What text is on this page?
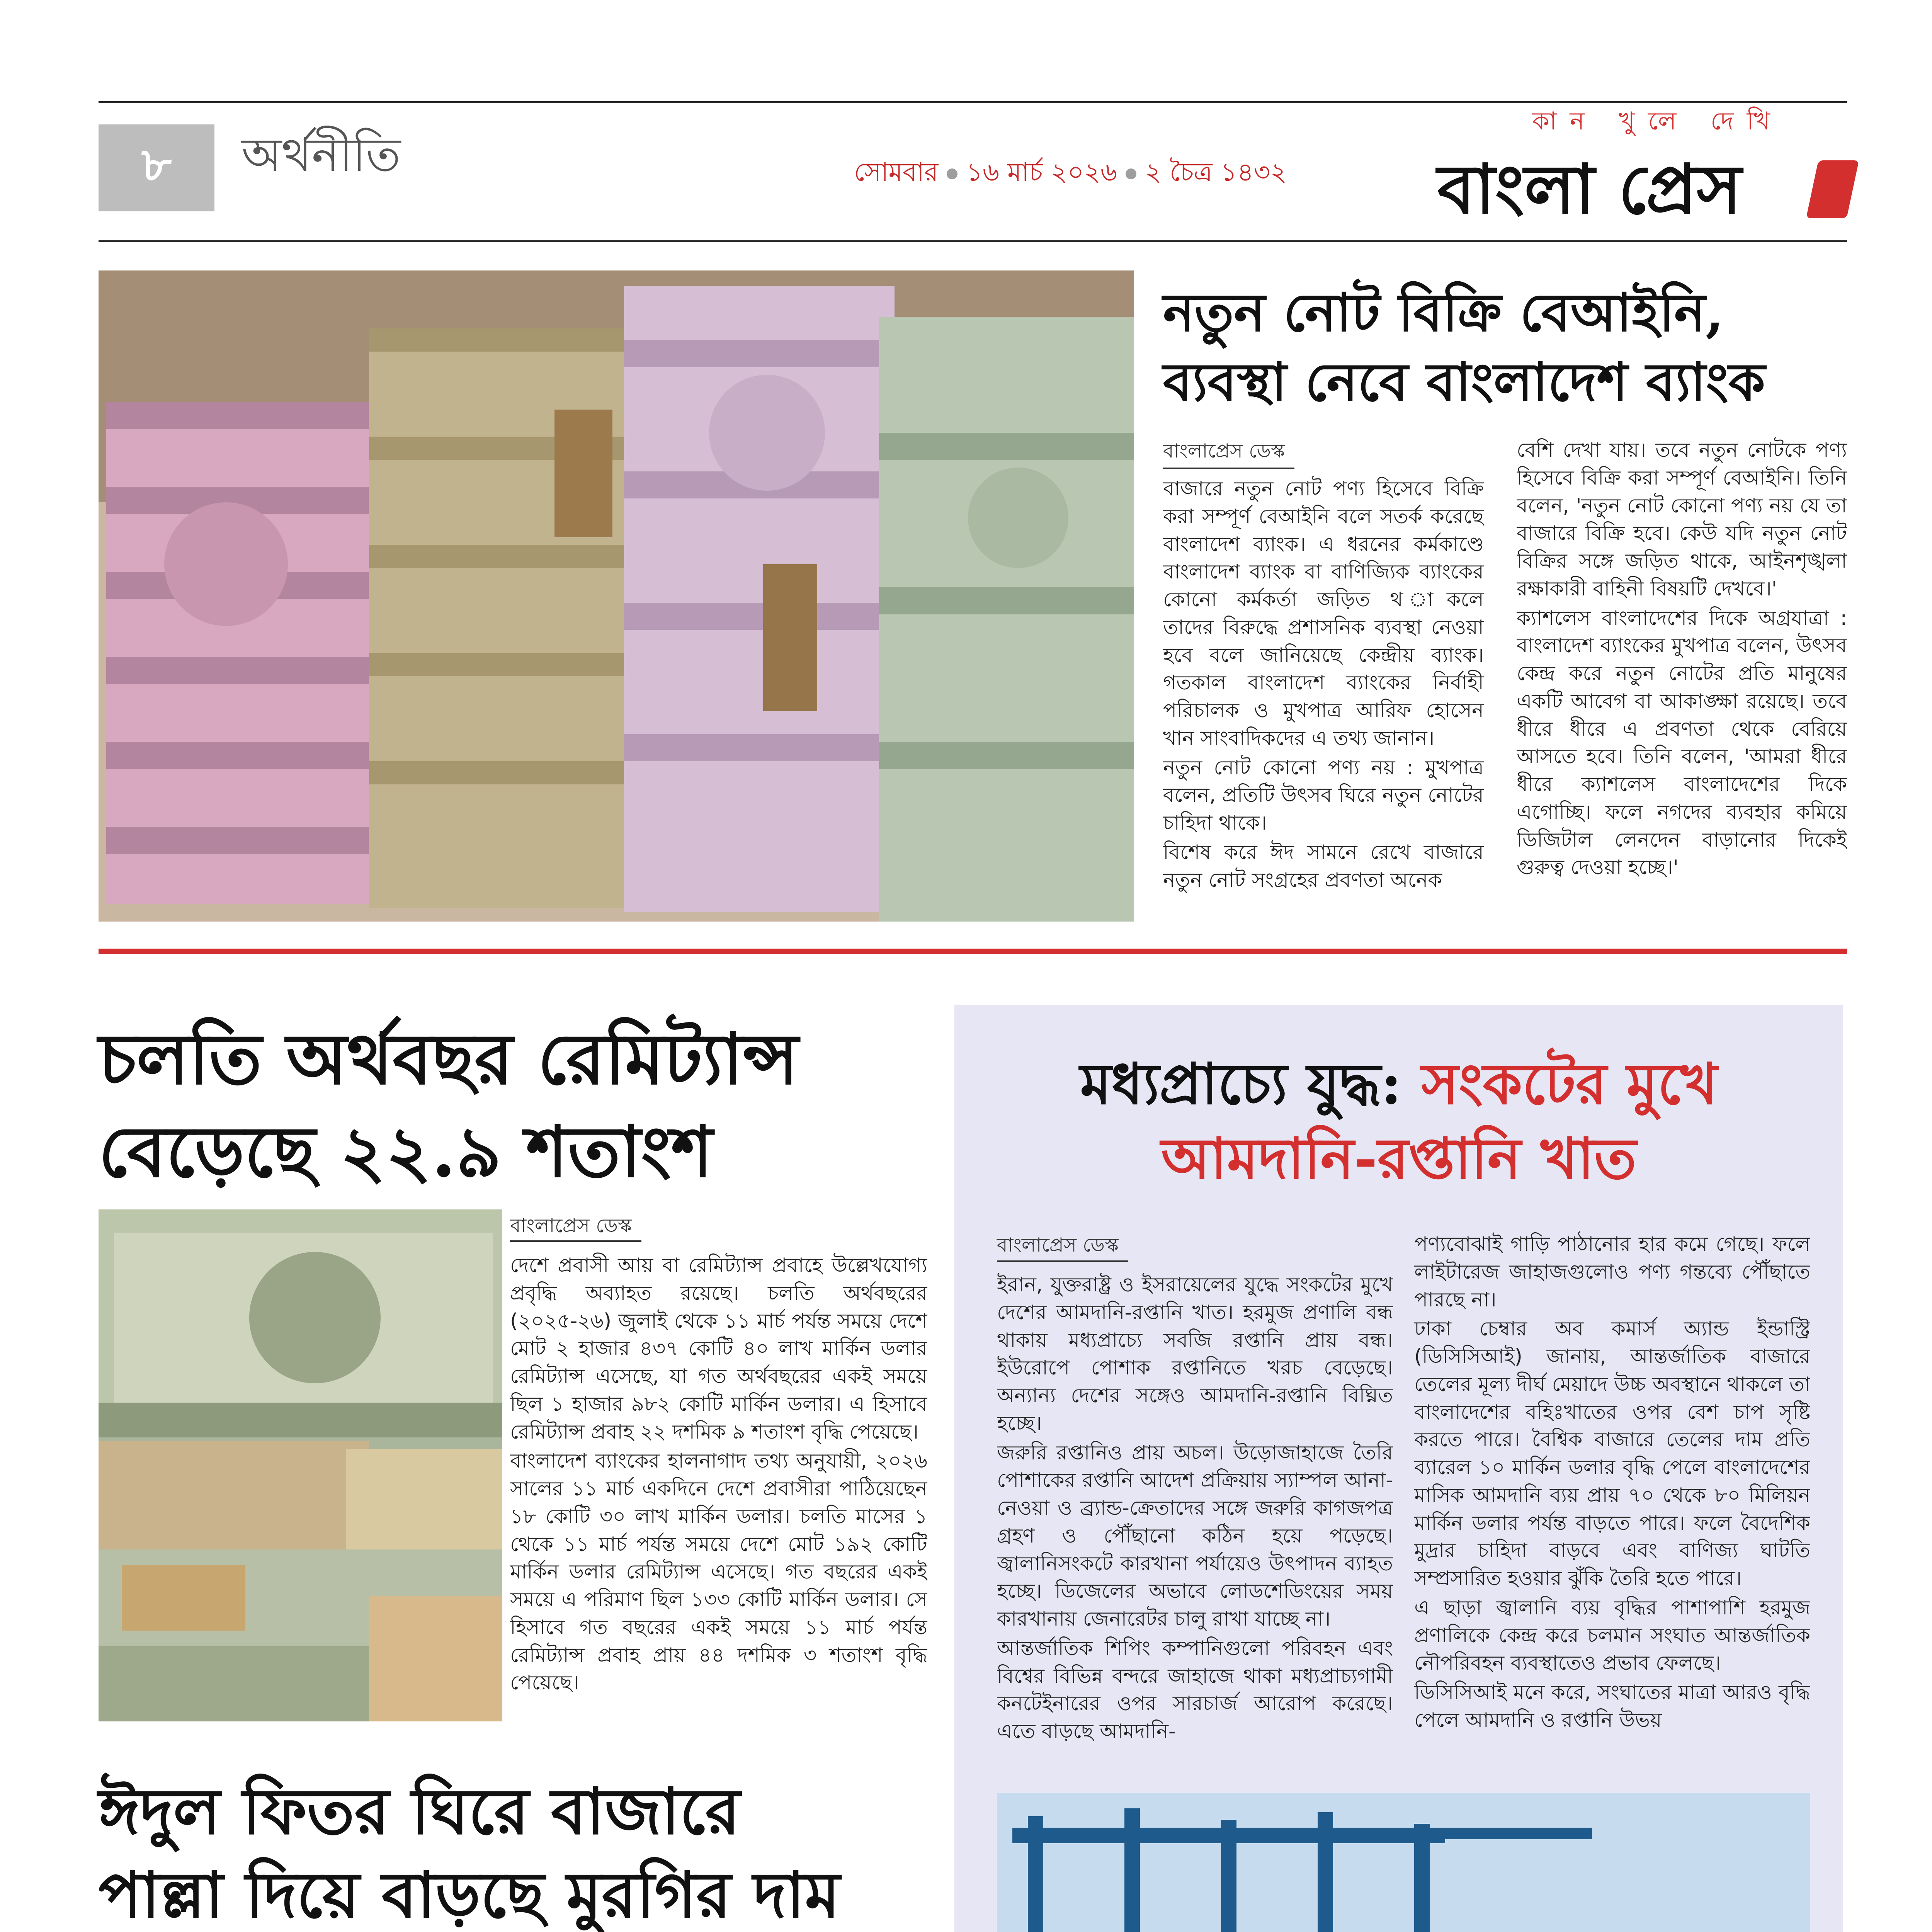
৮ অর্থনীতি	সোমবার ১৬ মার্চ ২০২৬ ২ চৈত্র ১৪৩২
কান খুলে দেখি
বাংলা প্রেস
নতুন নোট বিক্রি বেআইনি,
ব্যবস্থা নেবে বাংলাদেশ ব্যাংক
বাংলাপ্রেস ডেস্ক

বাজারে নতুন নোট পণ্য হিসেবে বিক্রি করা সম্পূর্ণ বেআইনি বলে সতর্ক করেছে বাংলাদেশ ব্যাংক। এ ধরনের কর্মকাণ্ডে বাংলাদেশ ব্যাংক বা বাণিজ্যিক ব্যাংকের কোনো কর্মকর্তা জড়িত থ াকলে তাদের বিরুদ্ধে প্রশাসনিক ব্যবস্থা নেওয়া হবে বলে জানিয়েছে কেন্দ্রীয় ব্যাংক। গতকাল বাংলাদেশ ব্যাংকের নির্বাহী পরিচালক ও মুখপাত্র আরিফ হোসেন খান সাংবাদিকদের এ তথ্য জানান।

নতুন নোট কোনো পণ্য নয় : মুখপাত্র বলেন, প্রতিটি উৎসব ঘিরে নতুন নোটের চাহিদা থাকে।

বিশেষ করে ঈদ সামনে রেখে বাজারে নতুন নোট সংগ্রহের প্রবণতা অনেক

বেশি দেখা যায়। তবে নতুন নোটকে পণ্য হিসেবে বিক্রি করা সম্পূর্ণ বেআইনি। তিনি বলেন, 'নতুন নোট কোনো পণ্য নয় যে তা বাজারে বিক্রি হবে। কেউ যদি নতুন নোট বিক্রির সঙ্গে জড়িত থাকে, আইনশৃঙ্খলা রক্ষাকারী বাহিনী বিষয়টি দেখবে।'

ক্যাশলেস বাংলাদেশের দিকে অগ্রযাত্রা : বাংলাদেশ ব্যাংকের মুখপাত্র বলেন, উৎসব কেন্দ্র করে নতুন নোটের প্রতি মানুষের একটি আবেগ বা আকাঙ্ক্ষা রয়েছে। তবে ধীরে ধীরে এ প্রবণতা থেকে বেরিয়ে আসতে হবে। তিনি বলেন, 'আমরা ধীরে ধীরে ক্যাশলেস বাংলাদেশের দিকে এগোচ্ছি। ফলে নগদের ব্যবহার কমিয়ে ডিজিটাল লেনদেন বাড়ানোর দিকেই গুরুত্ব দেওয়া হচ্ছে।'

চলতি অর্থবছর রেমিট্যান্স
বেড়েছে ২২.৯ শতাংশ
বাংলাপ্রেস ডেস্ক

দেশে প্রবাসী আয় বা রেমিট্যান্স প্রবাহে উল্লেখযোগ্য প্রবৃদ্ধি অব্যাহত রয়েছে। চলতি অর্থবছরের (২০২৫-২৬) জুলাই থেকে ১১ মার্চ পর্যন্ত সময়ে দেশে মোট ২ হাজার ৪৩৭ কোটি ৪০ লাখ মার্কিন ডলার রেমিট্যান্স এসেছে, যা গত অর্থবছরের একই সময়ে ছিল ১ হাজার ৯৮২ কোটি মার্কিন ডলার। এ হিসাবে রেমিট্যান্স প্রবাহ ২২ দশমিক ৯ শতাংশ বৃদ্ধি পেয়েছে।

বাংলাদেশ ব্যাংকের হালনাগাদ তথ্য অনুযায়ী, ২০২৬ সালের ১১ মার্চ একদিনে দেশে প্রবাসীরা পাঠিয়েছেন ১৮ কোটি ৩০ লাখ মার্কিন ডলার। চলতি মাসের ১ থেকে ১১ মার্চ পর্যন্ত সময়ে দেশে মোট ১৯২ কোটি মার্কিন ডলার রেমিট্যান্স এসেছে। গত বছরের একই সময়ে এ পরিমাণ ছিল ১৩৩ কোটি মার্কিন ডলার। সে হিসাবে গত বছরের একই সময়ে ১১ মার্চ পর্যন্ত রেমিট্যান্স প্রবাহ প্রায় ৪৪ দশমিক ৩ শতাংশ বৃদ্ধি পেয়েছে।

ঈদুল ফিতর ঘিরে বাজারে
পাল্লা দিয়ে বাড়ছে মুরগির দাম

মধ্যপ্রাচ্যে যুদ্ধ: সংকটের মুখে
আমদানি-রপ্তানি খাত
বাংলাপ্রেস ডেস্ক

ইরান, যুক্তরাষ্ট্র ও ইসরায়েলের যুদ্ধে সংকটের মুখে দেশের আমদানি-রপ্তানি খাত। হরমুজ প্রণালি বন্ধ থাকায় মধ্যপ্রাচ্যে সবজি রপ্তানি প্রায় বন্ধ। ইউরোপে পোশাক রপ্তানিতে খরচ বেড়েছে। অন্যান্য দেশের সঙ্গেও আমদানি-রপ্তানি বিঘ্নিত হচ্ছে।

জরুরি রপ্তানিও প্রায় অচল। উড়োজাহাজে তৈরি পোশাকের রপ্তানি আদেশ প্রক্রিয়ায় স্যাম্পল আনা-নেওয়া ও ব্র্যান্ড-ক্রেতাদের সঙ্গে জরুরি কাগজপত্র গ্রহণ ও পৌঁছানো কঠিন হয়ে পড়েছে। জ্বালানিসংকটে কারখানা পর্যায়েও উৎপাদন ব্যাহত হচ্ছে। ডিজেলের অভাবে লোডশেডিংয়ের সময় কারখানায় জেনারেটর চালু রাখা যাচ্ছে না।

আন্তর্জাতিক শিপিং কম্পানিগুলো পরিবহন এবং বিশ্বের বিভিন্ন বন্দরে জাহাজে থাকা মধ্যপ্রাচ্যগামী কনটেইনারের ওপর সারচার্জ আরোপ করেছে। এতে বাড়ছে আমদানি-

পণ্যবোঝাই গাড়ি পাঠানোর হার কমে গেছে। ফলে লাইটারেজ জাহাজগুলোও পণ্য গন্তব্যে পৌঁছাতে পারছে না।

ঢাকা চেম্বার অব কমার্স অ্যান্ড ইন্ডাস্ট্রি (ডিসিসিআই) জানায়, আন্তর্জাতিক বাজারে তেলের মূল্য দীর্ঘ মেয়াদে উচ্চ অবস্থানে থাকলে তা বাংলাদেশের বহিঃখাতের ওপর বেশ চাপ সৃষ্টি করতে পারে। বৈশ্বিক বাজারে তেলের দাম প্রতি ব্যারেল ১০ মার্কিন ডলার বৃদ্ধি পেলে বাংলাদেশের মাসিক আমদানি ব্যয় প্রায় ৭০ থেকে ৮০ মিলিয়ন মার্কিন ডলার পর্যন্ত বাড়তে পারে। ফলে বৈদেশিক মুদ্রার চাহিদা বাড়বে এবং বাণিজ্য ঘাটতি সম্প্রসারিত হওয়ার ঝুঁকি তৈরি হতে পারে।

এ ছাড়া জ্বালানি ব্যয় বৃদ্ধির পাশাপাশি হরমুজ প্রণালিকে কেন্দ্র করে চলমান সংঘাত আন্তর্জাতিক নৌপরিবহন ব্যবস্থাতেও প্রভাব ফেলছে।

ডিসিসিআই মনে করে, সংঘাতের মাত্রা আরও বৃদ্ধি পেলে আমদানি ও রপ্তানি উভয়
